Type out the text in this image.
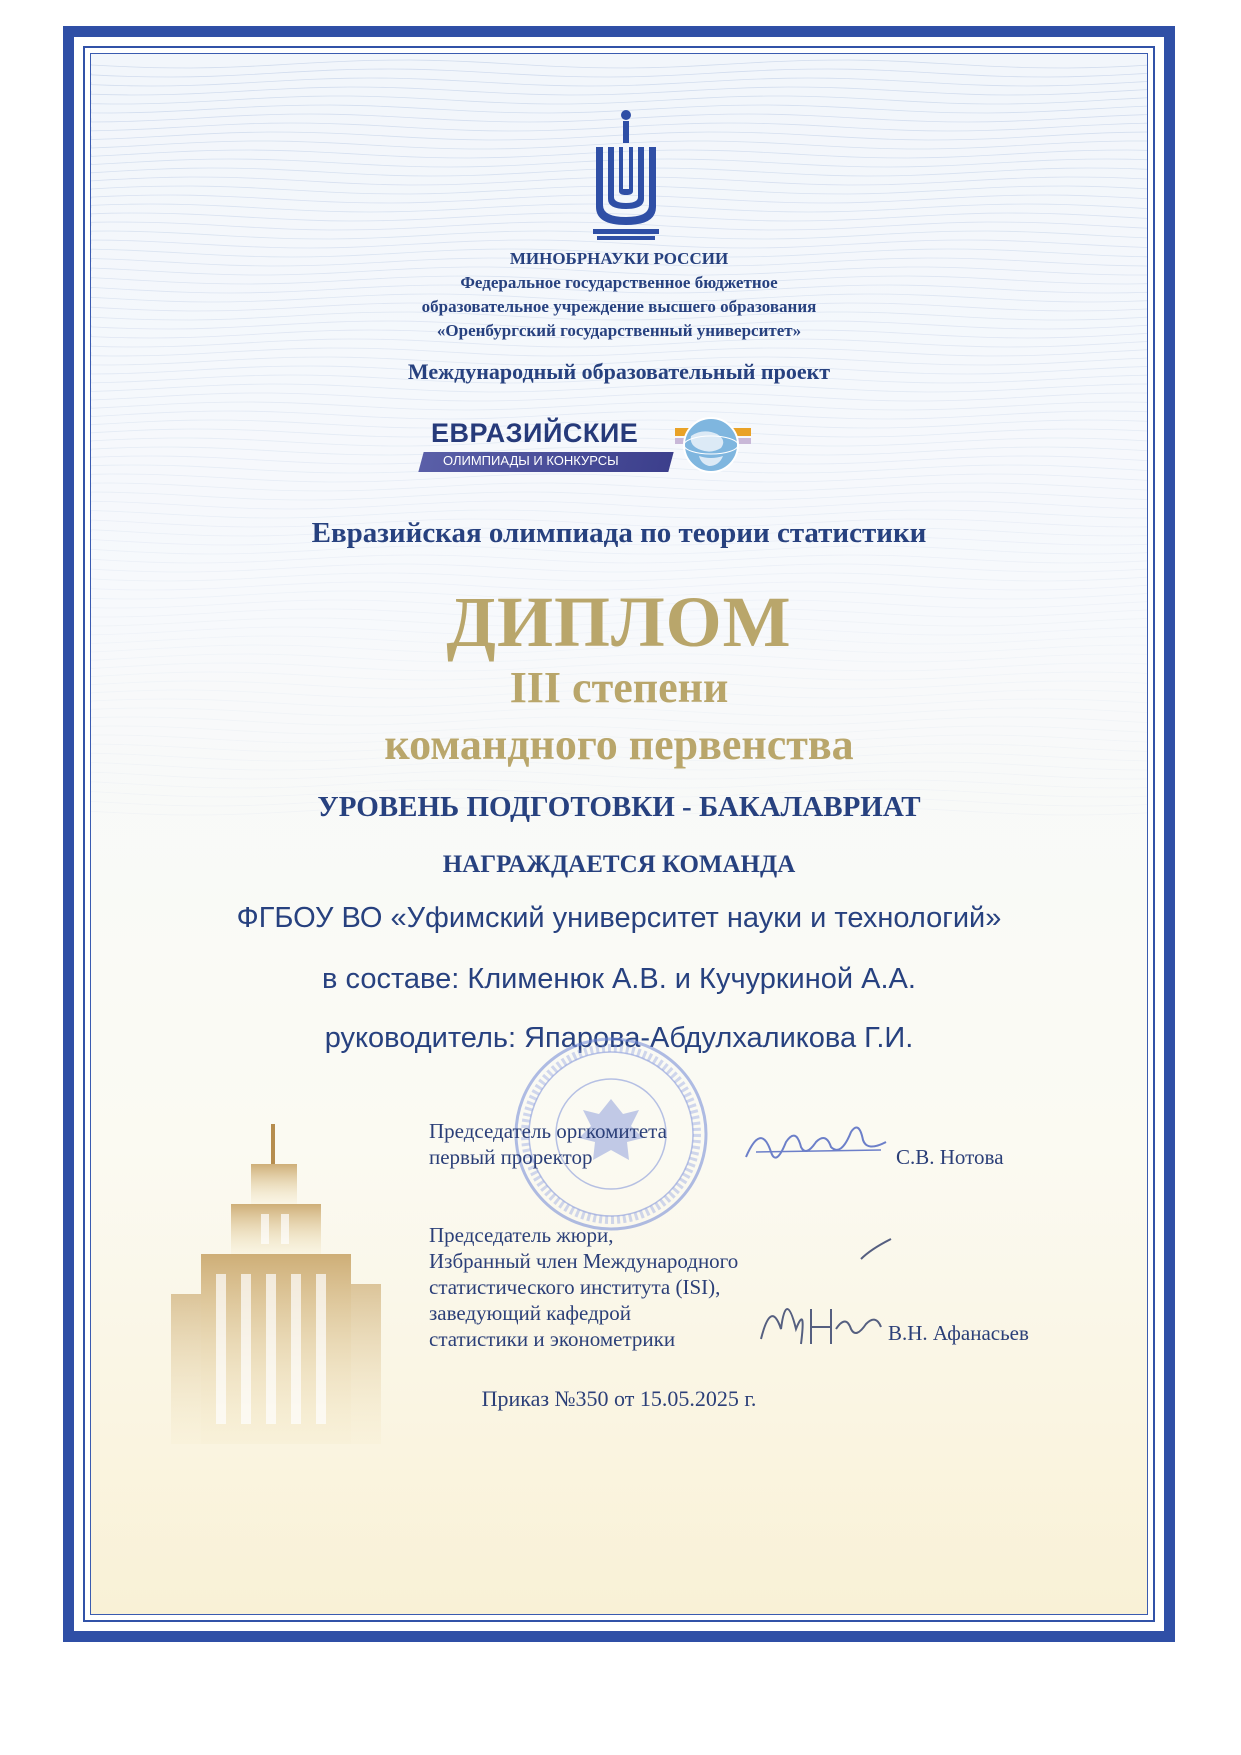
МИНОБРНАУКИ РОССИИ
Федеральное государственное бюджетное
образовательное учреждение высшего образования
«Оренбургский государственный университет»
Международный образовательный проект
ЕВРАЗИЙСКИЕ
ОЛИМПИАДЫ И КОНКУРСЫ
Евразийская олимпиада по теории статистики
ДИПЛОМ
III степени
командного первенства
УРОВЕНЬ ПОДГОТОВКИ - БАКАЛАВРИАТ
НАГРАЖДАЕТСЯ КОМАНДА
ФГБОУ ВО «Уфимский университет науки и технологий»
в составе: Клименюк А.В. и Кучуркиной А.А.
руководитель: Япарова-Абдулхаликова Г.И.
Председатель оргкомитета
первый проректор	С.В. Нотова
Председатель жюри,
Избранный член Международного
статистического института (ISI),
заведующий кафедрой
статистики и эконометрики	В.Н. Афанасьев
Приказ №350 от 15.05.2025 г.
